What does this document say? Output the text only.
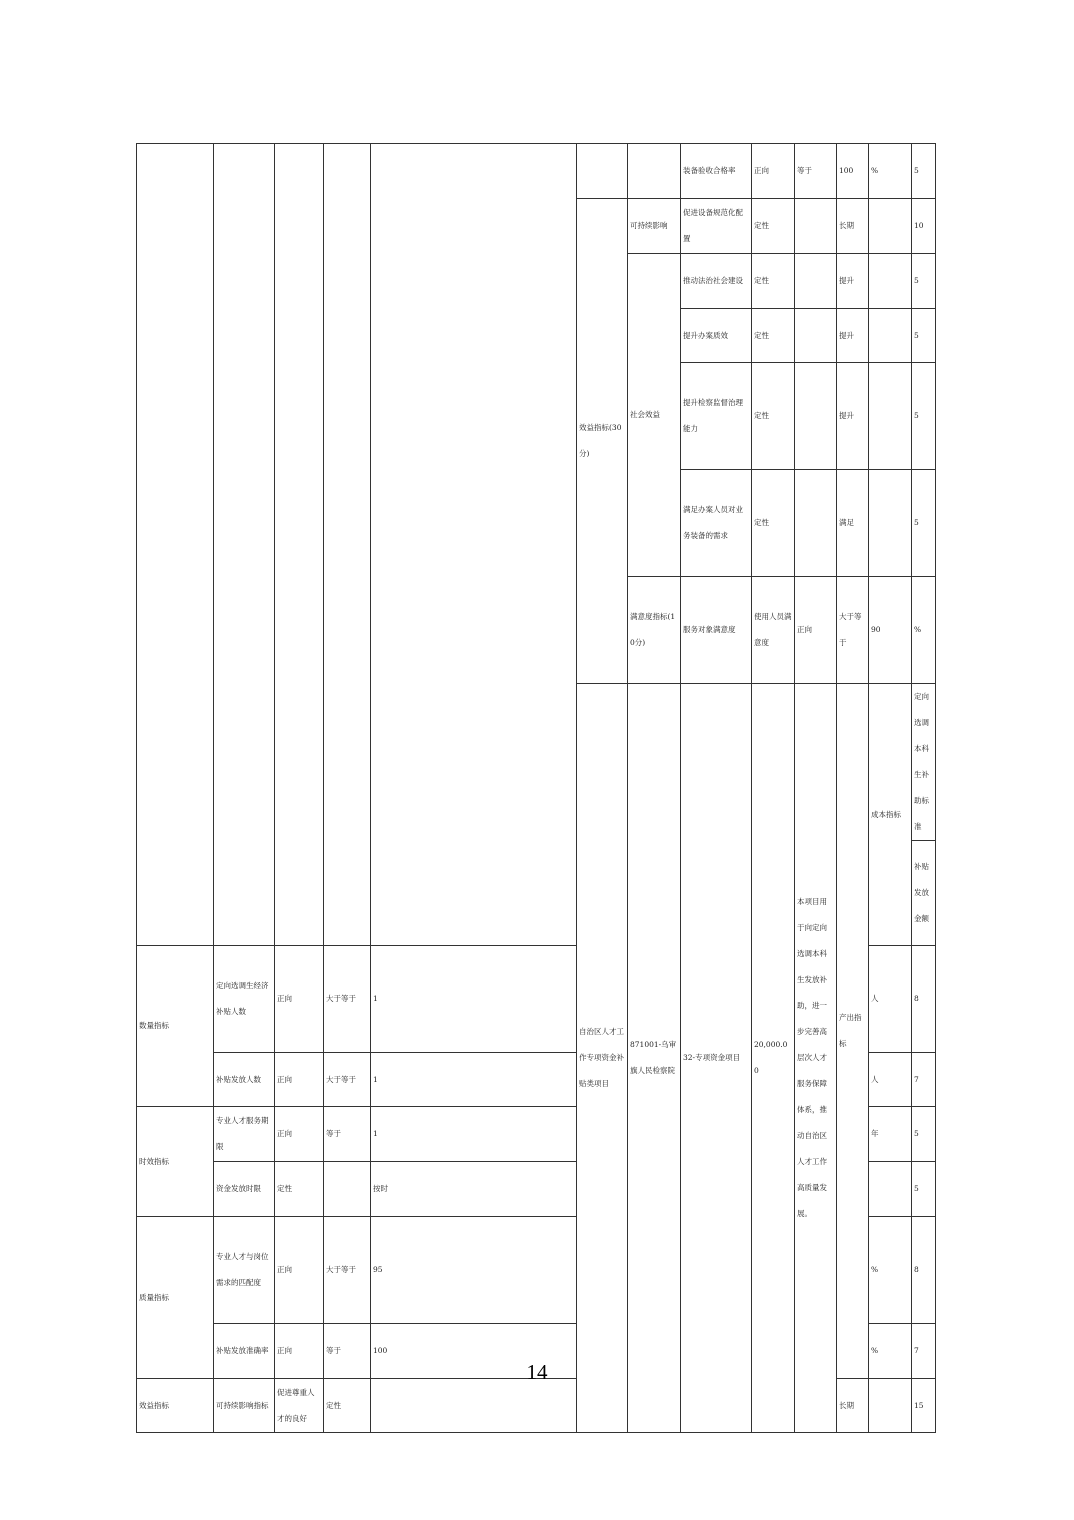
							装备验收合格率	正向	等于	100	%	5	
					效益指标(30分)	可持续影响	促进设备规范化配置	定性		长期		10	
						社会效益	推动法治社会建设	定性		提升		5	
							提升办案质效	定性		提升		5	
							提升检察监督治理能力	定性		提升		5	
							满足办案人员对业务装备的需求	定性		满足		5	
						满意度指标(10分)	服务对象满意度	使用人员满意度	正向	大于等于	90	%	
					自治区人才工作专项资金补贴类项目	871001-乌审旗人民检察院	32-专项资金项目	20,000.00	本项目用于向定向选调本科生发放补助，进一步完善高层次人才服务保障体系，推动自治区人才工作高质量发展。	产出指标	成本指标	定向选调本科生补助标准					
												补贴发放金额					
数量指标	定向选调生经济补贴人数	正向	大于等于	1							人	8	
	补贴发放人数	正向	大于等于	1							人	7	
时效指标	专业人才服务期限	正向	等于	1							年	5	
	资金发放时限	定性		按时								5	
质量指标	专业人才与岗位需求的匹配度	正向	大于等于	95							%	8	
	补贴发放准确率	正向	等于	100							%	7	
效益指标	可持续影响指标	促进尊重人才的良好	定性							长期		15	
14
